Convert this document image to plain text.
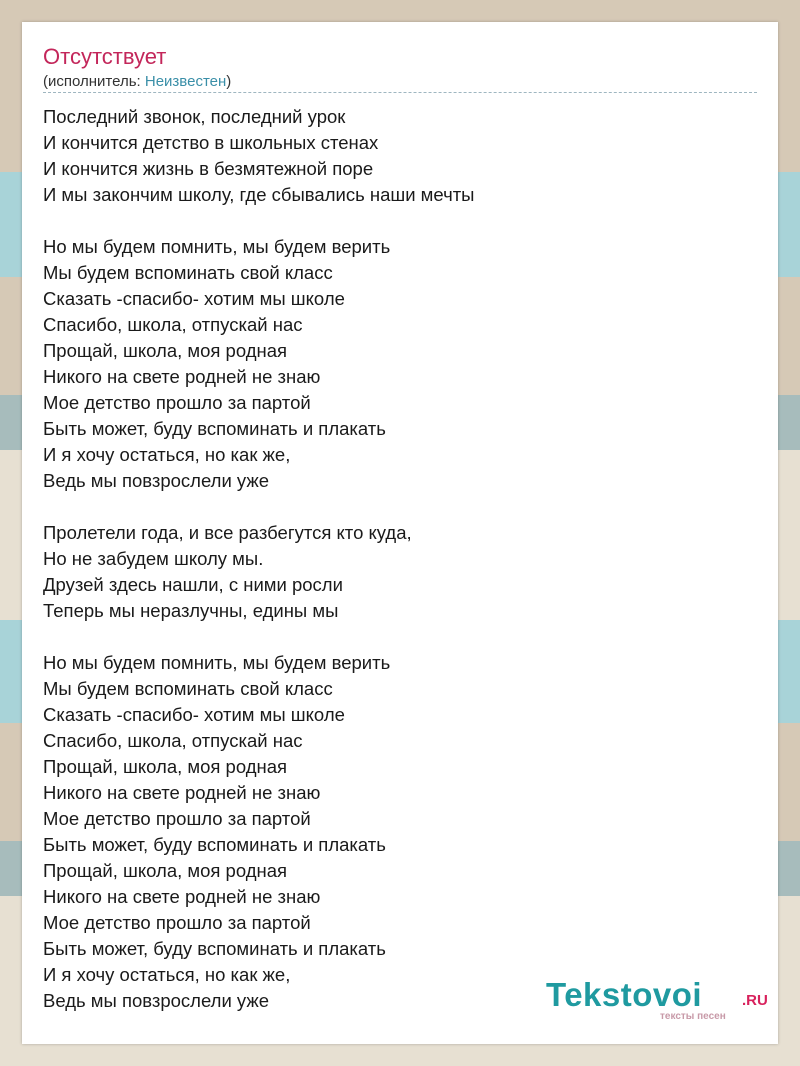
Отсутствует
(исполнитель: Неизвестен)
Последний звонок, последний урок
И кончится детство в школьных стенах
И кончится жизнь в безмятежной поре
И мы закончим школу, где сбывались наши мечты
Но мы будем помнить, мы будем верить
Мы будем вспоминать свой класс
Сказать -спасибо- хотим мы школе
Спасибо, школа, отпускай нас
Прощай, школа, моя родная
Никого на свете родней не знаю
Мое детство прошло за партой
Быть может, буду вспоминать и плакать
И я хочу остаться, но как же,
Ведь мы повзрослели уже
Пролетели года, и все разбегутся кто куда,
Но не забудем школу мы.
Друзей здесь нашли, с ними росли
Теперь мы неразлучны, едины мы
Но мы будем помнить, мы будем верить
Мы будем вспоминать свой класс
Сказать -спасибо- хотим мы школе
Спасибо, школа, отпускай нас
Прощай, школа, моя родная
Никого на свете родней не знаю
Мое детство прошло за партой
Быть может, буду вспоминать и плакать
Прощай, школа, моя родная
Никого на свете родней не знаю
Мое детство прошло за партой
Быть может, буду вспоминать и плакать
И я хочу остаться, но как же,
Ведь мы повзрослели уже	Tekstovoi	.RU
тексты песен
